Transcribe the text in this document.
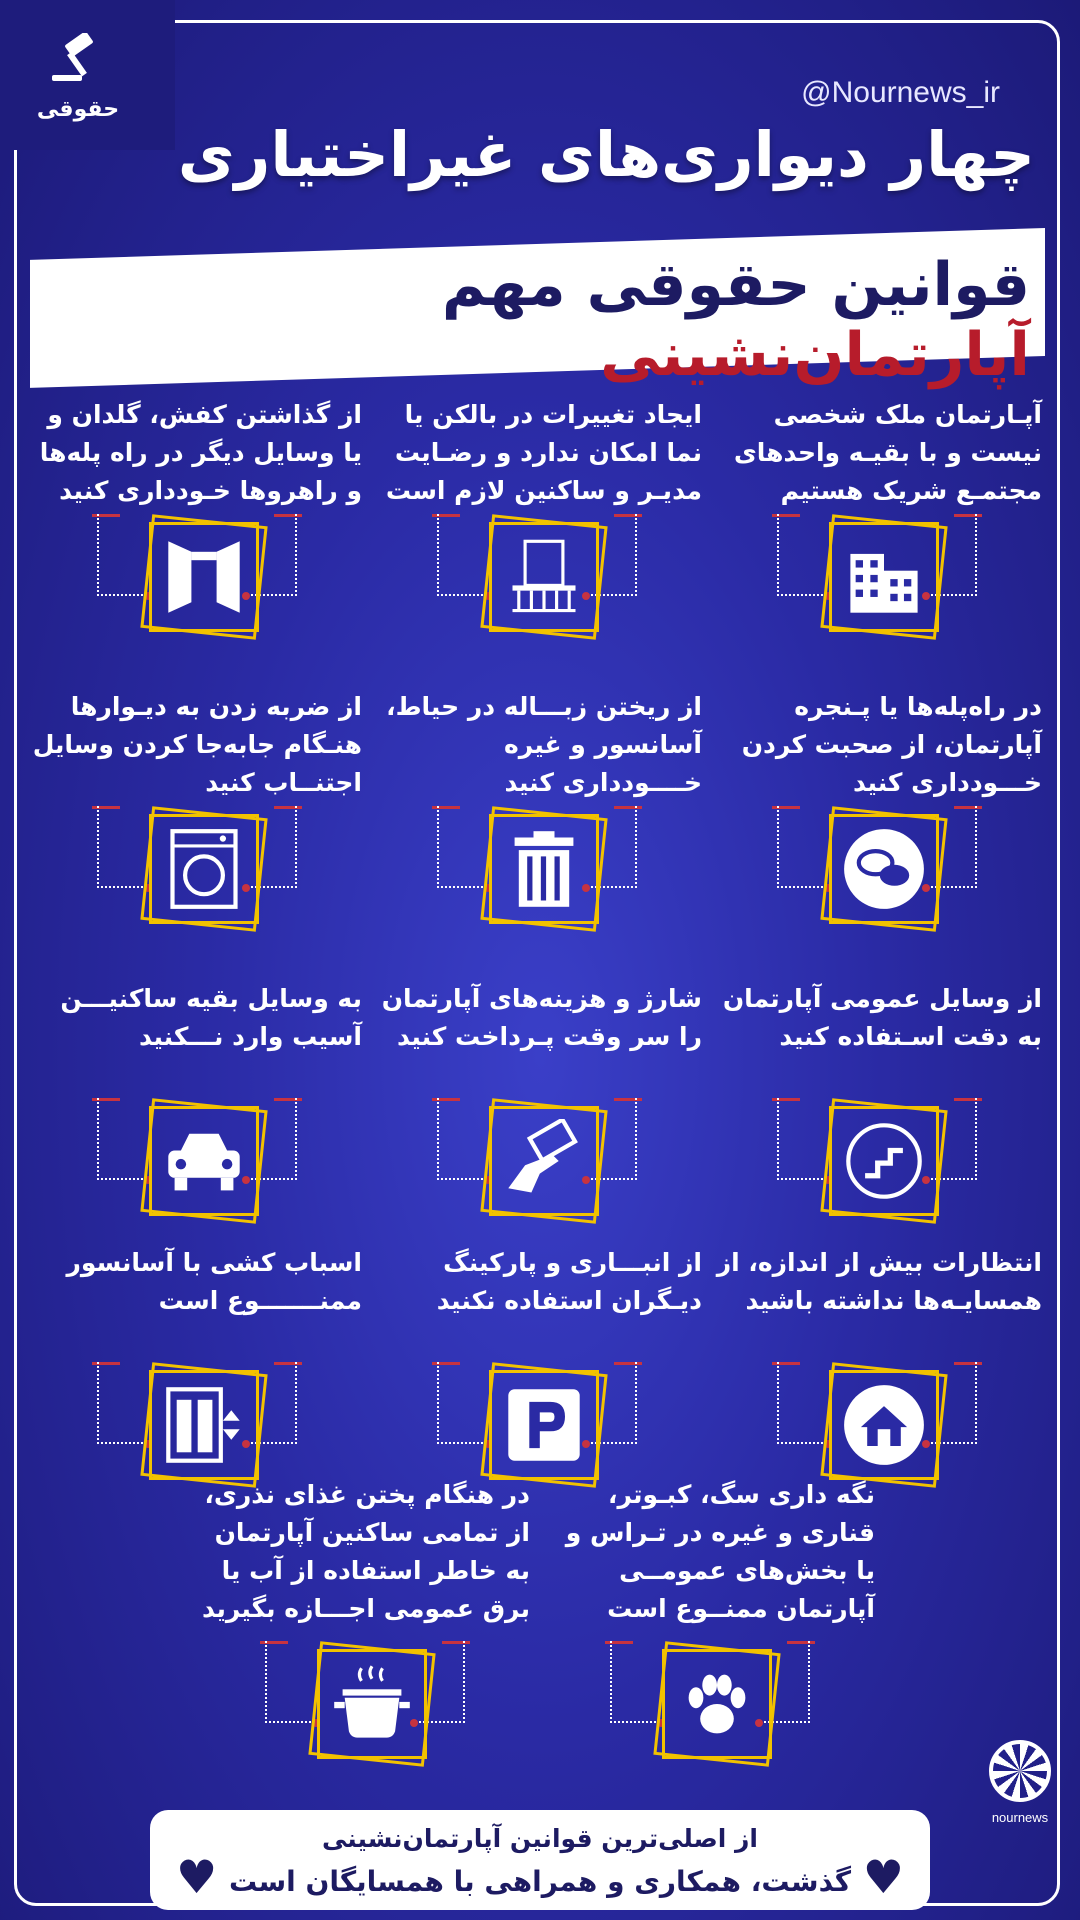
حقوقی
@Nournews_ir
چهار دیواری‌های غیراختیاری
قوانین حقوقی مهم آپارتمان‌نشینی
آپـارتمان ملک شخصی نیست و با بقیـه واحدهای مجتمـع شریک هستیم
ایجاد تغییرات در بالکن یا نما امکان ندارد و رضـایت مدیـر و ساکنین لازم است
از گذاشتن کفش، گلدان و یا وسایل دیگر در راه پله‌ها و راهروها خـودداری کنید
در راه‌پله‌ها یا پـنجره آپارتمان، از صحبت کردن خـــودداری کنید
از ریختن زبـــاله در حیاط، آسانسور و غیره خــــودداری کنید
از ضربه زدن به دیـوارها هنـگام جابه‌جا کردن وسایل اجتنــاب کنید
از وسایل عمومی آپارتمان به دقت اسـتفاده کنید
شارژ و هزینه‌های آپارتمان را سر وقت پـرداخت کنید
به وسایل بقیه ساکنیـــن آسیب وارد نـــکنید
انتظارات بیش از اندازه، از همسایـه‌ها نداشته باشید
از انبـــاری و پارکینگ دیـگران استفاده نکنید
اسباب کشی با آسانسور ممنـــــــوع است
نگه داری سگ، کبـوتر، قناری و غیره در تـراس و یا بخش‌های عمومــی آپارتمان ممنــوع است
در هنگام پختن غذای نذری، از تمامی ساکنین آپارتمان به خاطر استفاده از آب یا برق عمومی اجـــازه بگیرید
از اصلی‌ترین قوانین آپارتمان‌نشینی
گذشت، همکاری و همراهی با همسایگان است
♥	♥
nournews
